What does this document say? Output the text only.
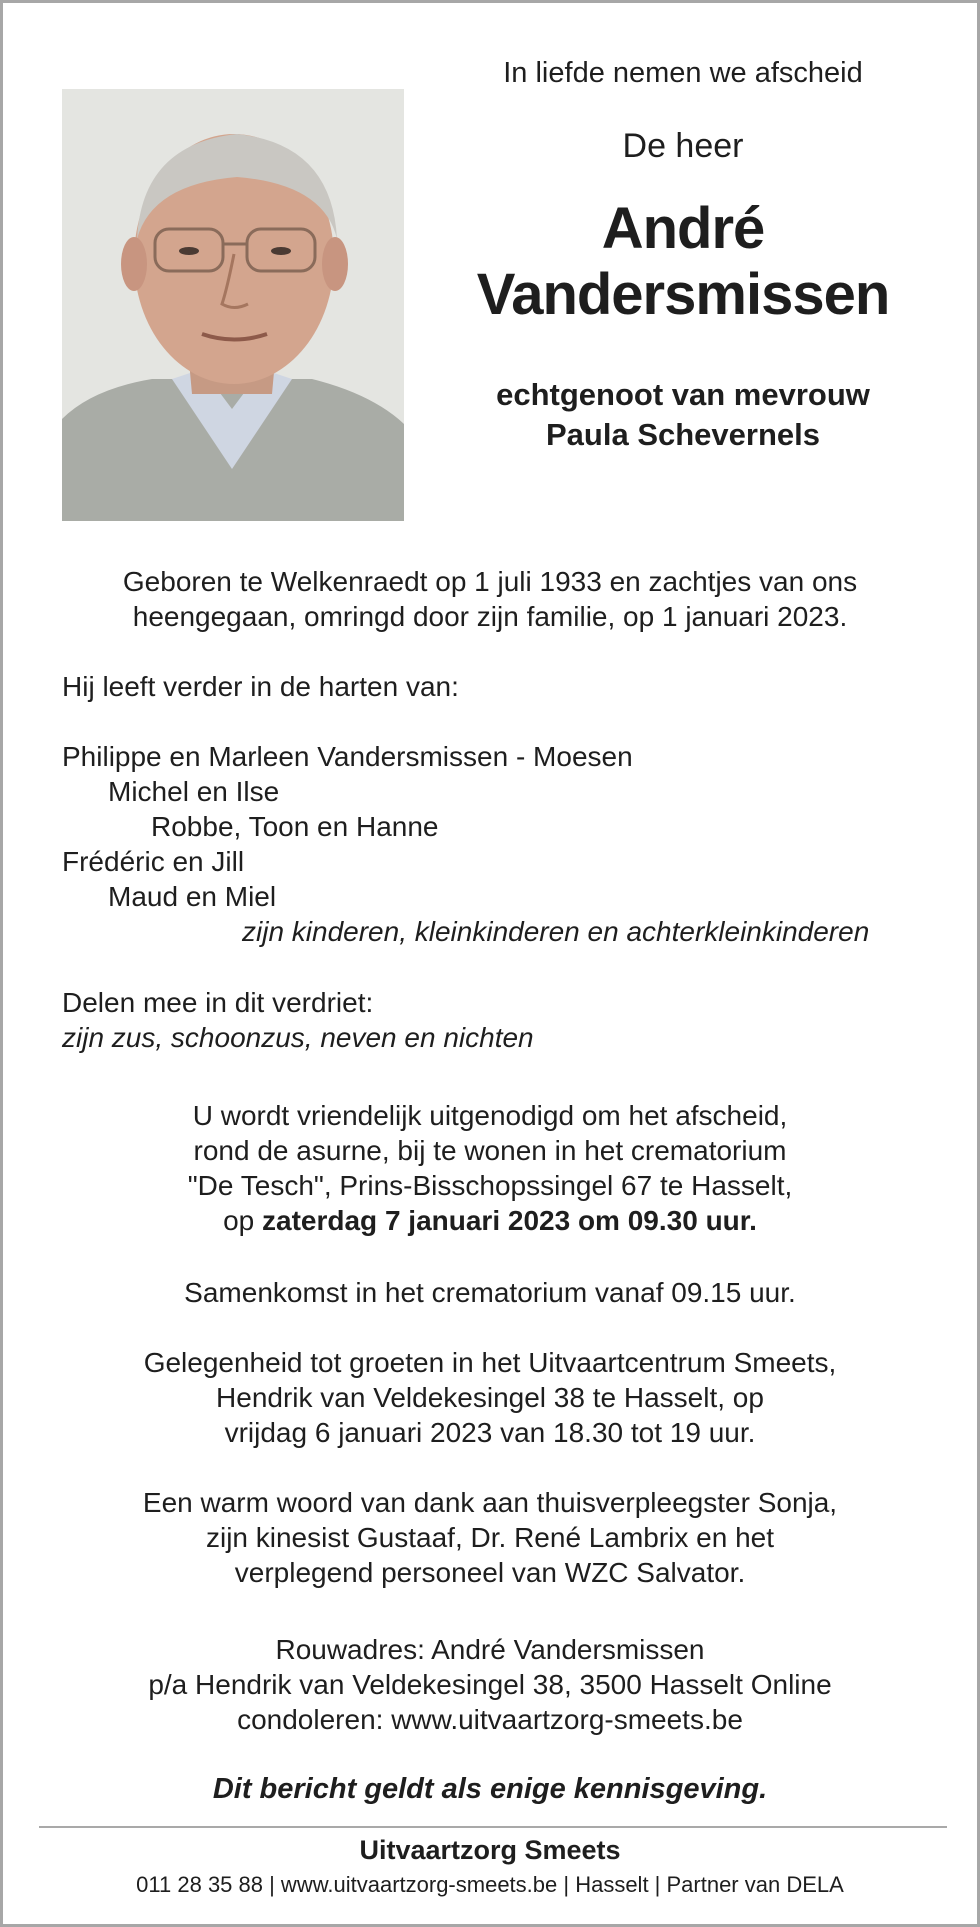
In liefde nemen we afscheid
De heer
André
Vandersmissen
echtgenoot van mevrouw
Paula Schevernels
Geboren te Welkenraedt op 1 juli 1933 en zachtjes van ons
heengegaan, omringd door zijn familie, op 1 januari 2023.
Hij leeft verder in de harten van:
Philippe en Marleen Vandersmissen - Moesen
Michel en Ilse
Robbe, Toon en Hanne
Frédéric en Jill
Maud en Miel
zijn kinderen, kleinkinderen en achterkleinkinderen
Delen mee in dit verdriet:
zijn zus, schoonzus, neven en nichten
U wordt vriendelijk uitgenodigd om het afscheid,
rond de asurne, bij te wonen in het crematorium
"De Tesch", Prins-Bisschopssingel 67 te Hasselt,
op zaterdag 7 januari 2023 om 09.30 uur.
Samenkomst in het crematorium vanaf 09.15 uur.
Gelegenheid tot groeten in het Uitvaartcentrum Smeets,
Hendrik van Veldekesingel 38 te Hasselt, op
vrijdag 6 januari 2023 van 18.30 tot 19 uur.
Een warm woord van dank aan thuisverpleegster Sonja,
zijn kinesist Gustaaf, Dr. René Lambrix en het
verplegend personeel van WZC Salvator.
Rouwadres: André Vandersmissen
p/a Hendrik van Veldekesingel 38, 3500 Hasselt Online
condoleren: www.uitvaartzorg-smeets.be
Dit bericht geldt als enige kennisgeving.
Uitvaartzorg Smeets
011 28 35 88 | www.uitvaartzorg-smeets.be | Hasselt | Partner van DELA
